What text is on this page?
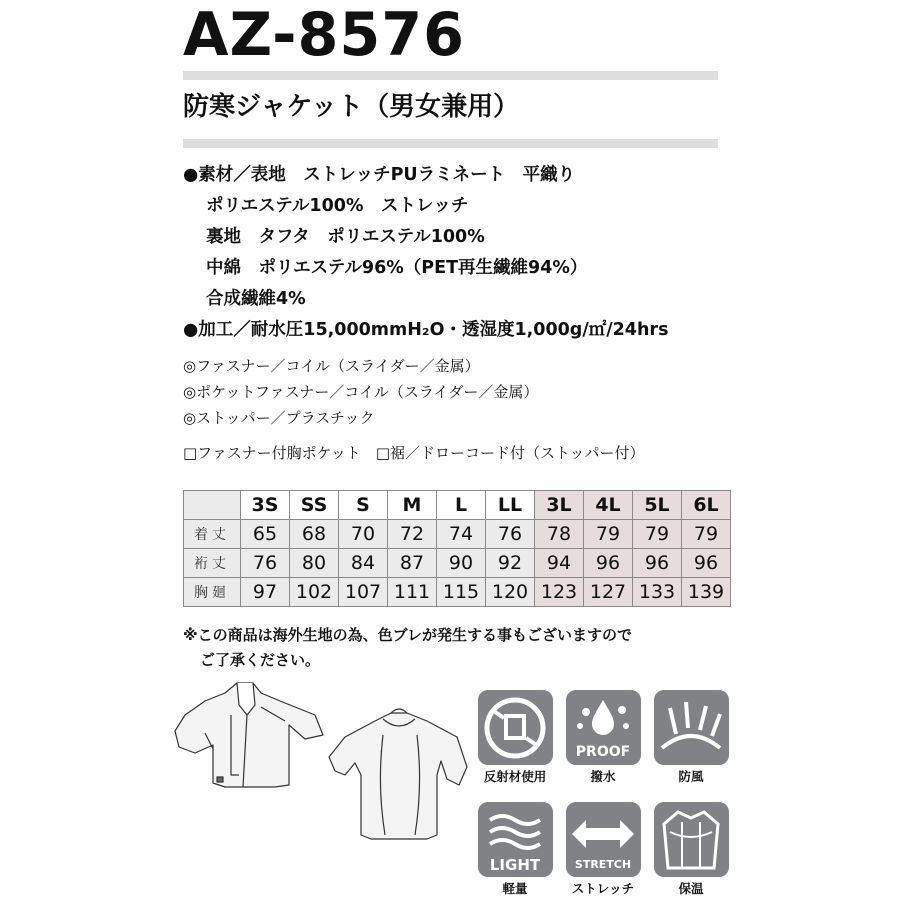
AZ-8576
防寒ジャケット（男女兼用）
●素材／表地　ストレッチPUラミネート　平織り
ポリエステル100%　ストレッチ
裏地　タフタ　ポリエステル100%
中綿　ポリエステル96%（PET再生繊維94%）
合成繊維4%
●加工／耐水圧15,000mmH₂O・透湿度1,000g/㎡/24hrs
◎ファスナー／コイル（スライダー／金属）
◎ポケットファスナー／コイル（スライダー／金属）
◎ストッパー／プラスチック
□ファスナー付胸ポケット　□裾／ドローコード付（ストッパー付）
	3S	SS	S	M	L	LL	3L	4L	5L	6L
着丈	65	68	70	72	74	76	78	79	79	79
裄丈	76	80	84	87	90	92	94	96	96	96
胸廻	97	102	107	111	115	120	123	127	133	139
※この商品は海外生地の為、色ブレが発生する事もございますので
ご了承ください。
PROOF
反射材使用	撥水	防風
LIGHT	STRETCH
軽量	ストレッチ	保温
